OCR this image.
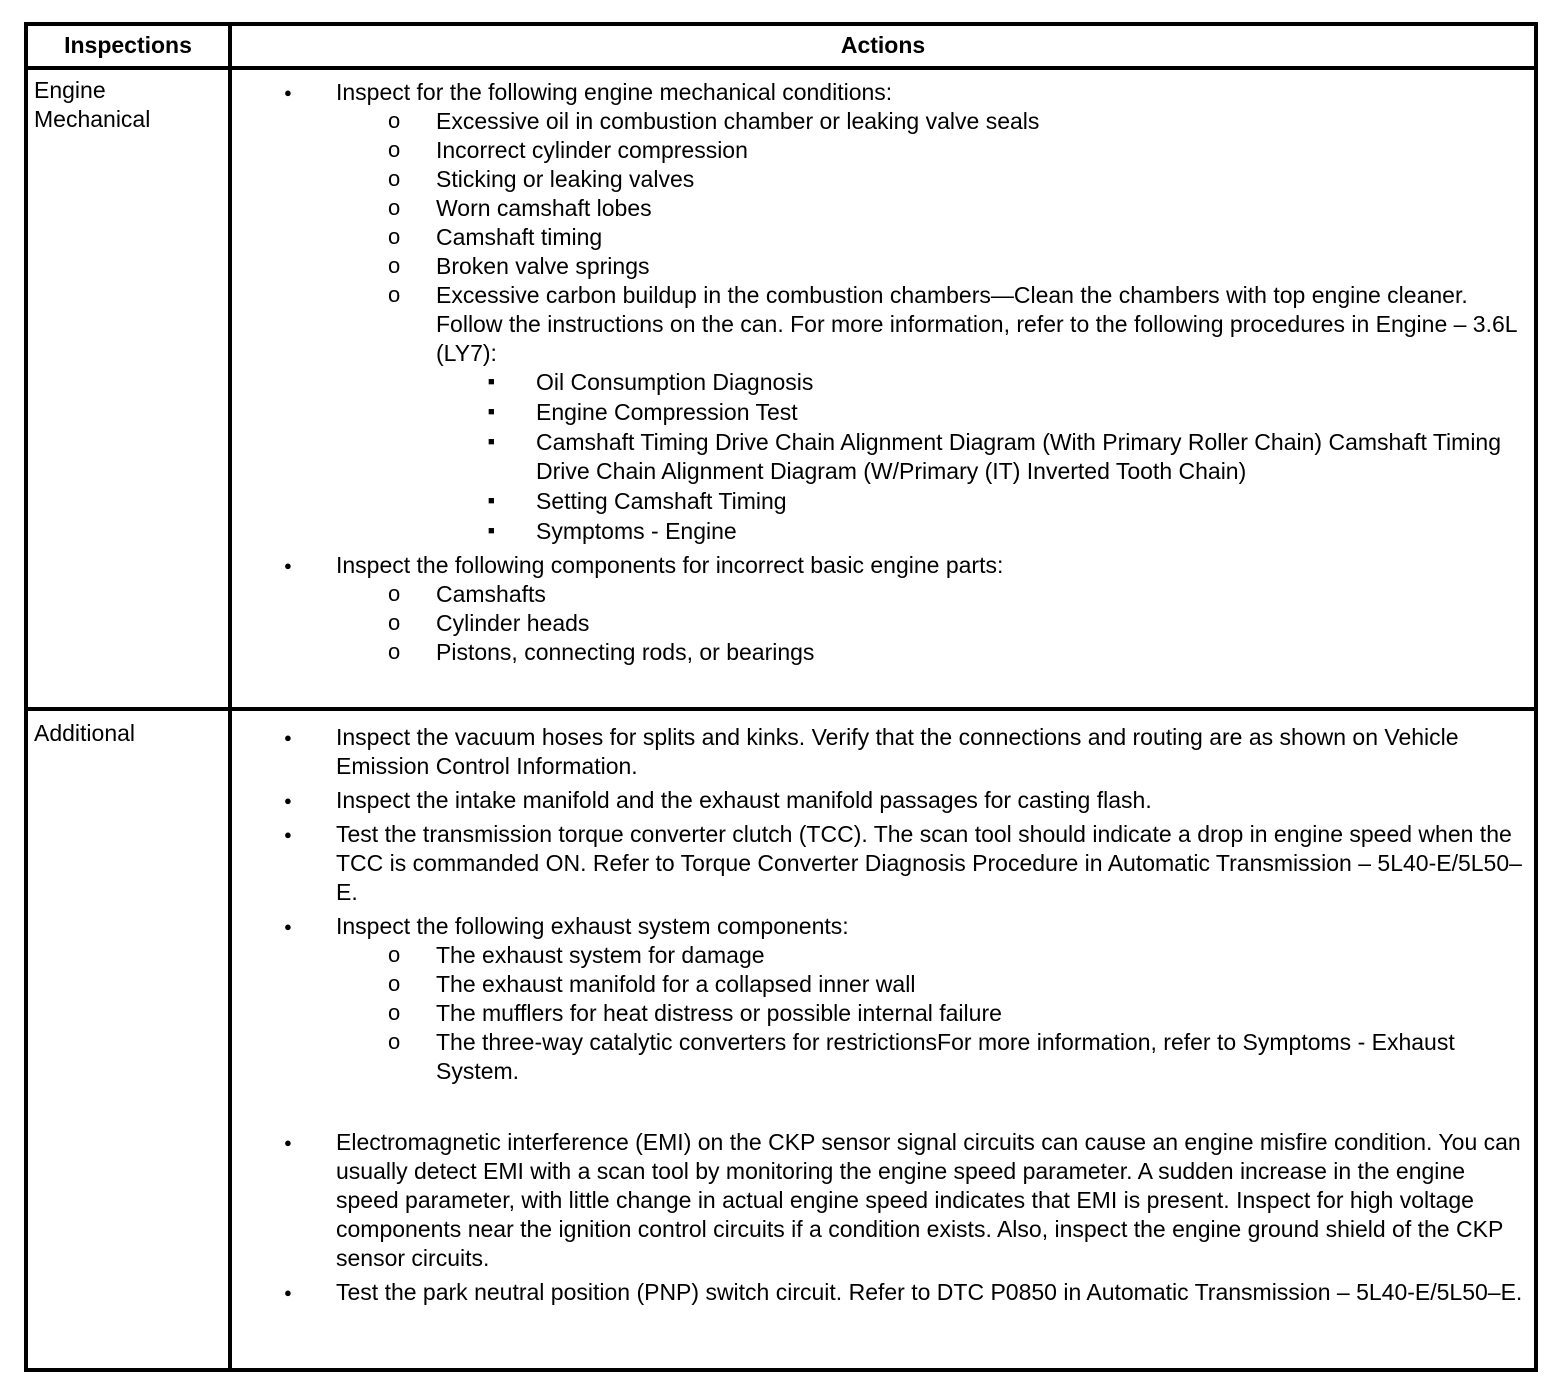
Inspections	Actions
Engine
Mechanical
● Inspect for the following engine mechanical conditions:
o Excessive oil in combustion chamber or leaking valve seals
o Incorrect cylinder compression
o Sticking or leaking valves
o Worn camshaft lobes
o Camshaft timing
o Broken valve springs
o Excessive carbon buildup in the combustion chambers—Clean the chambers with top engine cleaner. Follow the instructions on the can. For more information, refer to the following procedures in Engine – 3.6L (LY7):
■ Oil Consumption Diagnosis
■ Engine Compression Test
■ Camshaft Timing Drive Chain Alignment Diagram (With Primary Roller Chain) Camshaft Timing Drive Chain Alignment Diagram (W/Primary (IT) Inverted Tooth Chain)
■ Setting Camshaft Timing
■ Symptoms - Engine
● Inspect the following components for incorrect basic engine parts:
o Camshafts
o Cylinder heads
o Pistons, connecting rods, or bearings
Additional
●	Inspect the vacuum hoses for splits and kinks. Verify that the connections and routing are as shown on Vehicle Emission Control Information.
● Inspect the intake manifold and the exhaust manifold passages for casting flash.
● Test the transmission torque converter clutch (TCC). The scan tool should indicate a drop in engine speed when the TCC is commanded ON. Refer to Torque Converter Diagnosis Procedure in Automatic Transmission – 5L40-E/5L50–E.
● Inspect the following exhaust system components:
o The exhaust system for damage
o The exhaust manifold for a collapsed inner wall
o The mufflers for heat distress or possible internal failure
o The three-way catalytic converters for restrictionsFor more information, refer to Symptoms - Exhaust System.
● Electromagnetic interference (EMI) on the CKP sensor signal circuits can cause an engine misfire condition. You can usually detect EMI with a scan tool by monitoring the engine speed parameter. A sudden increase in the engine speed parameter, with little change in actual engine speed indicates that EMI is present. Inspect for high voltage components near the ignition control circuits if a condition exists. Also, inspect the engine ground shield of the CKP sensor circuits.
● Test the park neutral position (PNP) switch circuit. Refer to DTC P0850 in Automatic Transmission – 5L40-E/5L50–E.
